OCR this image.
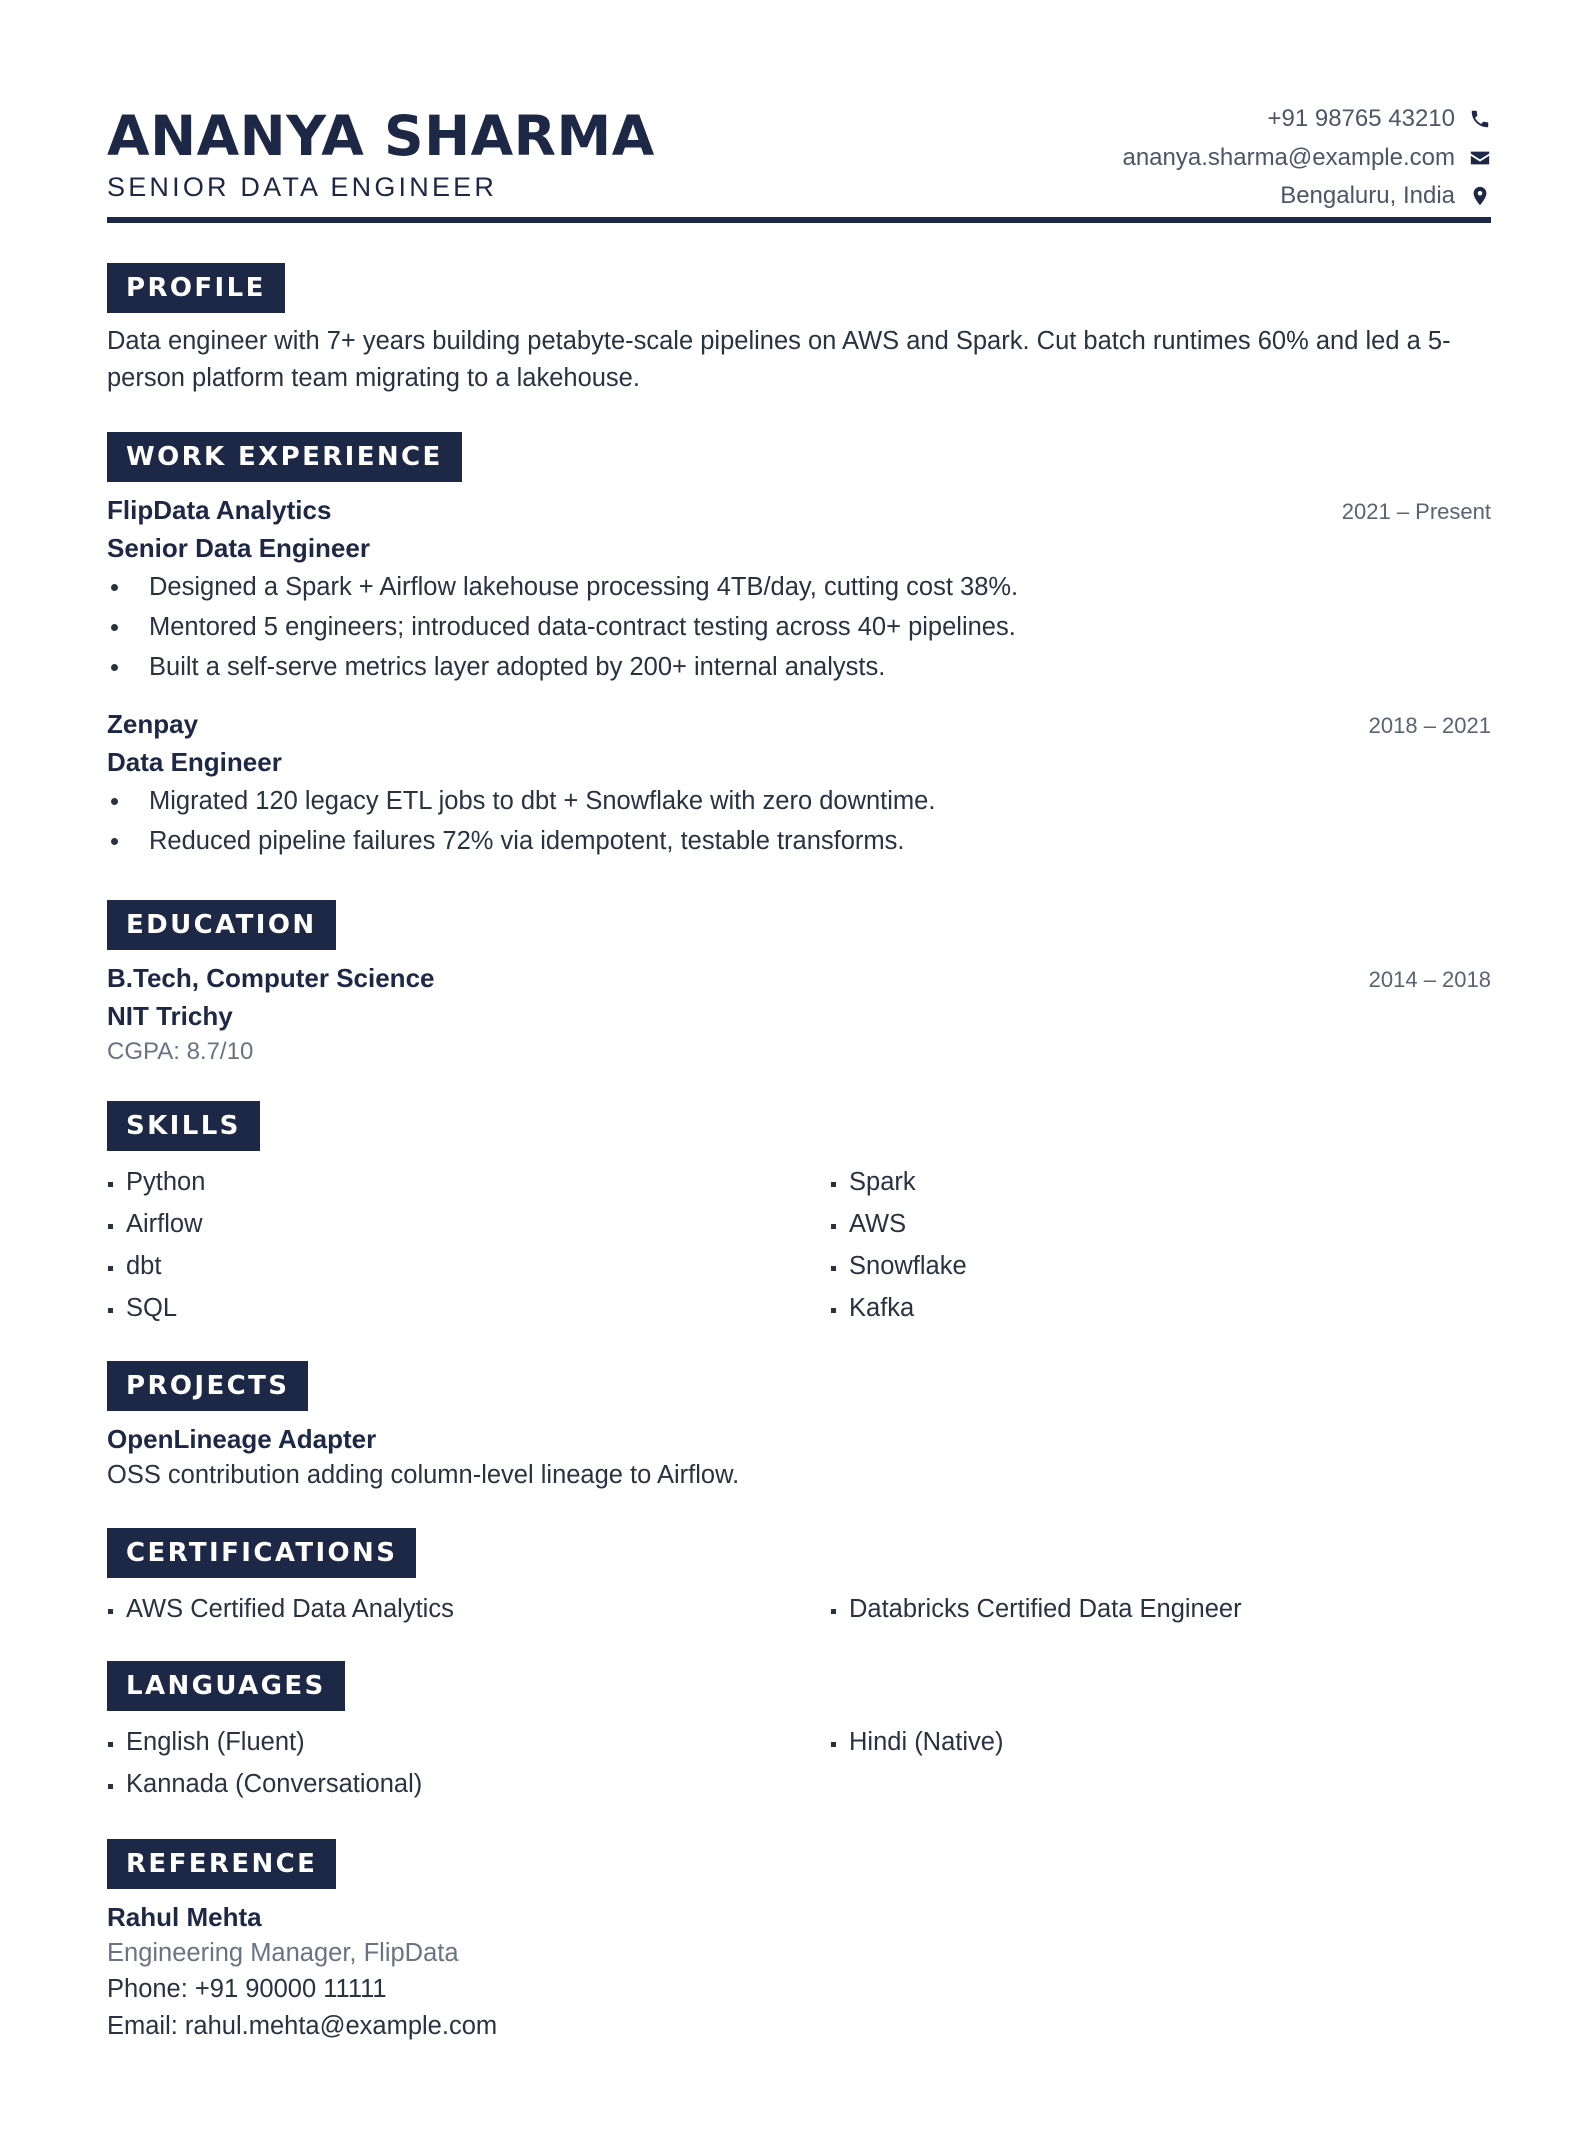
ANANYA SHARMA
SENIOR DATA ENGINEER
+91 98765 43210
ananya.sharma@example.com
Bengaluru, India
PROFILE
Data engineer with 7+ years building petabyte-scale pipelines on AWS and Spark. Cut batch runtimes 60% and led a 5-person platform team migrating to a lakehouse.
WORK EXPERIENCE
FlipData Analytics	2021 – Present
Senior Data Engineer
Designed a Spark + Airflow lakehouse processing 4TB/day, cutting cost 38%.
Mentored 5 engineers; introduced data-contract testing across 40+ pipelines.
Built a self-serve metrics layer adopted by 200+ internal analysts.
Zenpay	2018 – 2021
Data Engineer
Migrated 120 legacy ETL jobs to dbt + Snowflake with zero downtime.
Reduced pipeline failures 72% via idempotent, testable transforms.
EDUCATION
B.Tech, Computer Science	2014 – 2018
NIT Trichy
CGPA: 8.7/10
SKILLS
Python	Spark
Airflow	AWS
dbt	Snowflake
SQL	Kafka
PROJECTS
OpenLineage Adapter
OSS contribution adding column-level lineage to Airflow.
CERTIFICATIONS
AWS Certified Data Analytics	Databricks Certified Data Engineer
LANGUAGES
English (Fluent)	Hindi (Native)
Kannada (Conversational)
REFERENCE
Rahul Mehta
Engineering Manager, FlipData
Phone: +91 90000 11111
Email: rahul.mehta@example.com
